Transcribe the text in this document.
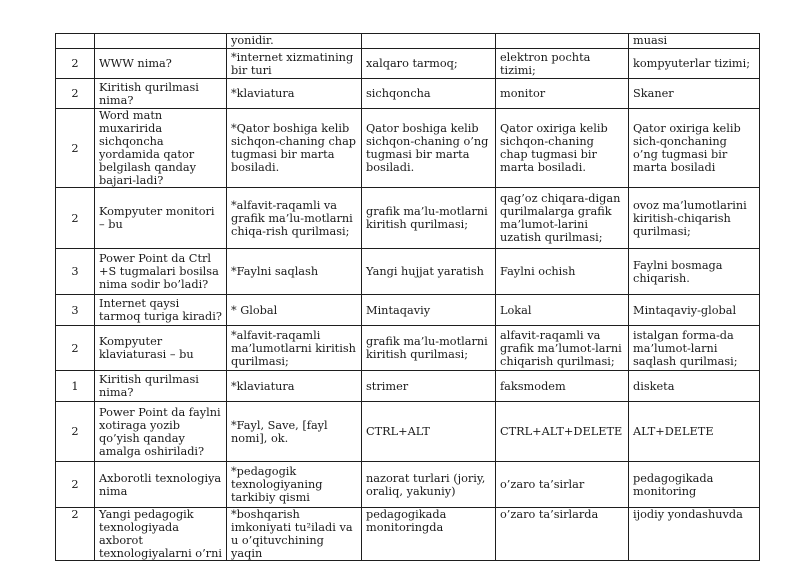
		yonidir.			muasi
2	WWW nima?	*internet xizmatining bir turi	xalqaro tarmoq;	elektron pochta tizimi;	kompyuterlar tizimi;
2	Kiritish qurilmasi nima?	*klaviatura	sichqoncha	monitor	Skaner
2	Word matn muxaririda sichqoncha yordamida qator belgilash qanday bajari-ladi?	*Qator boshiga kelib sichqon-chaning chap tugmasi bir marta bosiladi.	Qator boshiga kelib sichqon-chaning o’ng tugmasi bir marta bosiladi.	Qator oxiriga kelib sichqon-chaning chap tugmasi bir marta bosiladi.	Qator oxiriga kelib sich-qonchaning o’ng tugmasi bir marta bosiladi
2	Kompyuter monitori – bu	*alfavit-raqamli va grafik ma’lu-motlarni chiqa-rish qurilmasi;	grafik ma’lu-motlarni kiritish qurilmasi;	qag’oz chiqara-digan qurilmalarga grafik ma’lumot-larini uzatish qurilmasi;	ovoz ma’lumotlarini kiritish-chiqarish qurilmasi;
3	Power Point da Ctrl +S tugmalari bosilsa nima sodir bo’ladi?	*Faylni saqlash	Yangi hujjat yaratish	Faylni ochish	Faylni bosmaga chiqarish.
3	Internet qaysi tarmoq turiga kiradi?	* Global	Mintaqaviy	Lokal	Mintaqaviy-global
2	Kompyuter klaviaturasi – bu	*alfavit-raqamli ma’lumotlarni kiritish qurilmasi;	grafik ma’lu-motlarni kiritish qurilmasi;	alfavit-raqamli va grafik ma’lumot-larni chiqarish qurilmasi;	istalgan forma-da ma’lumot-larni saqlash qurilmasi;
1	Kiritish qurilmasi nima?	*klaviatura	strimer	faksmodem	disketa
2	Power Point da faylni xotiraga yozib qo’yish qanday amalga oshiriladi?	*Fayl, Save, [fayl nomi], ok.	CTRL+ALT	CTRL+ALT+DELETE	ALT+DELETE
2	Axborotli texnologiya nima	*pedagogik texnologiyaning tarkibiy qismi	nazorat turlari (joriy, oraliq, yakuniy)	o’zaro ta’sirlar	pedagogikada monitoring
2	Yangi pedagogik texnologiyada axborot texnologiyalarni o’rni	*boshqarish imkoniyati tu²iladi va u o’qituvchining yaqin	pedagogikada monitoringda	o’zaro ta’sirlarda	ijodiy yondashuvda
